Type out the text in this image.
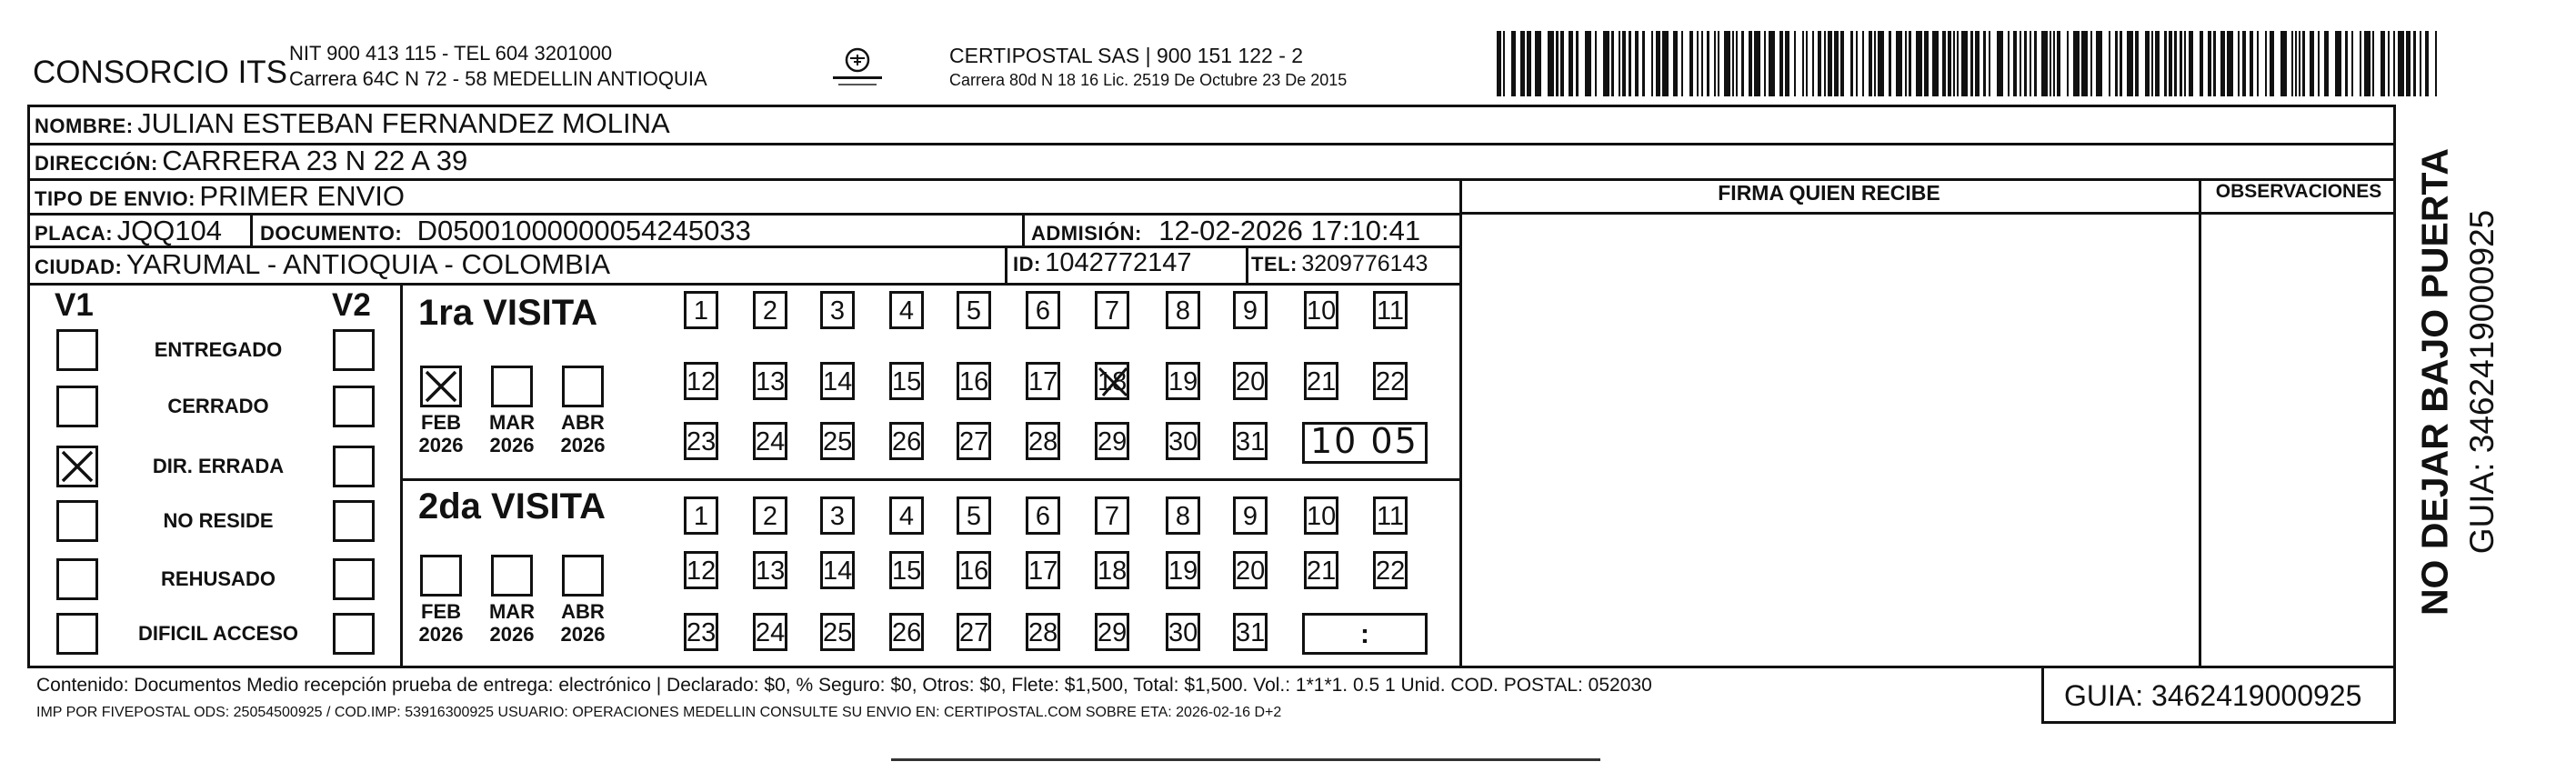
CONSORCIO ITS
NIT 900 413 115 - TEL 604 3201000
Carrera 64C N 72 - 58 MEDELLIN ANTIOQUIA
CERTIPOSTAL SAS | 900 151 122 - 2
Carrera 80d N 18 16 Lic. 2519 De Octubre 23 De 2015
NOMBRE: JULIAN ESTEBAN FERNANDEZ MOLINA
DIRECCIÓN: CARRERA 23 N 22 A 39
TIPO DE ENVIO: PRIMER ENVIO
PLACA: JQQ104 DOCUMENTO: D05001000000054245033	ADMISIÓN: 12-02-2026 17:10:41
CIUDAD: YARUMAL - ANTIOQUIA - COLOMBIA	ID: 1042772147	TEL: 3209776143
FIRMA QUIEN RECIBE	OBSERVACIONES
V1	V2 1ra VISITA
2da VISITA
10 05
:
Contenido: Documentos Medio recepción prueba de entrega: electrónico | Declarado: $0, % Seguro: $0, Otros: $0, Flete: $1,500, Total: $1,500. Vol.: 1*1*1. 0.5 1 Unid. COD. POSTAL: 052030
IMP POR FIVEPOSTAL ODS: 25054500925 / COD.IMP: 53916300925 USUARIO: OPERACIONES MEDELLIN CONSULTE SU ENVIO EN: CERTIPOSTAL.COM SOBRE ETA: 2026-02-16 D+2
GUIA: 3462419000925
NO DEJAR BAJO PUERTA GUIA: 3462419000925
ENTREGADO
CERRADO
DIR. ERRADA
NO RESIDE
REHUSADO
DIFICIL ACCESO
FEB
2026
MAR
2026
ABR
2026
FEB
2026
MAR
2026
ABR
2026
1	2	3	4	5	6	7	8	9	10 11
12 13 14 15 16 17 18 19 20 21 22
23 24 25 26 27 28 29 30 31
1	2	3	4	5	6	7	8	9	10 11
12 13 14 15 16 17 18 19 20 21 22
23 24 25 26 27 28 29 30 31
